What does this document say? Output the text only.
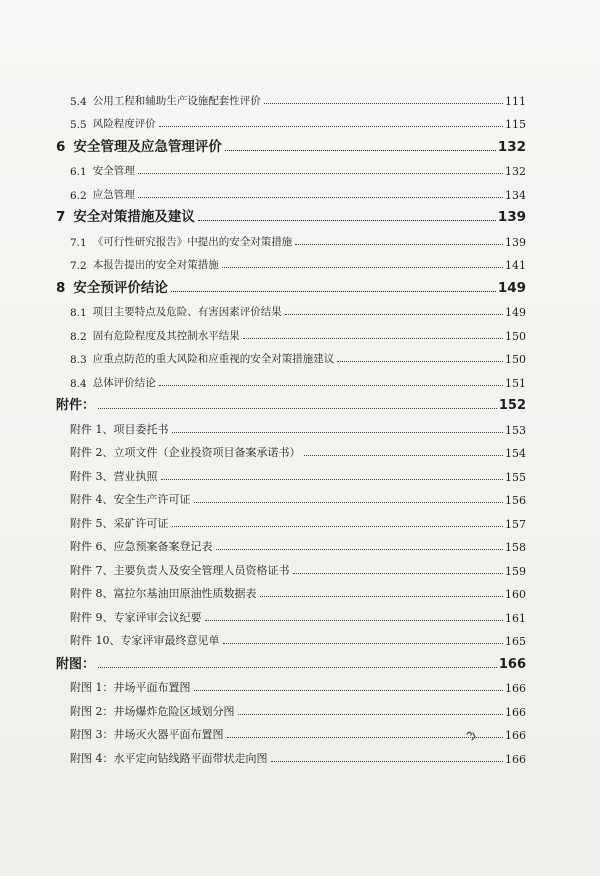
5.4 公用工程和辅助生产设施配套性评价	111
5.5 风险程度评价	115
6 安全管理及应急管理评价	132
6.1 安全管理	132
6.2 应急管理	134
7 安全对策措施及建议	139
7.1 《可行性研究报告》中提出的安全对策措施	139
7.2 本报告提出的安全对策措施	141
8 安全预评价结论	149
8.1 项目主要特点及危险、有害因素评价结果	149
8.2 固有危险程度及其控制水平结果	150
8.3 应重点防范的重大风险和应重视的安全对策措施建议	150
8.4 总体评价结论	151
附件：	152
附件 1、项目委托书	153
附件 2、立项文件（企业投资项目备案承诺书）	154
附件 3、营业执照	155
附件 4、安全生产许可证	156
附件 5、采矿许可证	157
附件 6、应急预案备案登记表	158
附件 7、主要负责人及安全管理人员资格证书	159
附件 8、富拉尔基油田原油性质数据表	160
附件 9、专家评审会议纪要	161
附件 10、专家评审最终意见单	165
附图：	166
附图 1：井场平面布置图	166
附图 2：井场爆炸危险区域划分图	166
附图 3：井场灭火器平面布置图	166
附图 4：水平定向钻线路平面带状走向图	166
